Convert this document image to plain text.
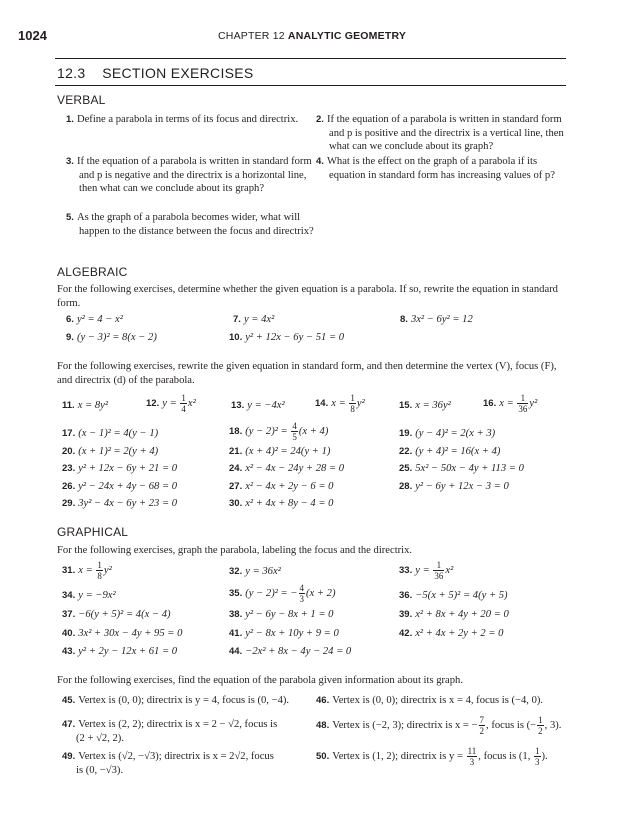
1024	CHAPTER 12 ANALYTIC GEOMETRY
12.3 SECTION EXERCISES
VERBAL
1. Define a parabola in terms of its focus and directrix.	2. If the equation of a parabola is written in standard form and p is positive and the directrix is a vertical line, then what can we conclude about its graph?
3. If the equation of a parabola is written in standard form and p is negative and the directrix is a horizontal line, then what can we conclude about its graph?
4. What is the effect on the graph of a parabola if its equation in standard form has increasing values of p?
5. As the graph of a parabola becomes wider, what will happen to the distance between the focus and directrix?
ALGEBRAIC
For the following exercises, determine whether the given equation is a parabola. If so, rewrite the equation in standard form.
6. y² = 4 − x²	7. y = 4x²	8. 3x² − 6y² = 12
9. (y − 3)² = 8(x − 2)	10. y² + 12x − 6y − 51 = 0
For the following exercises, rewrite the given equation in standard form, and then determine the vertex (V), focus (F), and directrix (d) of the parabola.
11. x = 8y²	12. $y = \frac{1}{4} x^2$	13. y = −4x²	14. $x = \frac{1}{8} y^2$	15. x = 36y²	16. $x = \frac{1}{36} y^2$
17. (x − 1)² = 4(y − 1)	18. $(y - 2)^2 = \frac{4}{5} (x + 4)$	19. (y − 4)² = 2(x + 3)
20. (x + 1)² = 2(y + 4)	21. (x + 4)² = 24(y + 1)	22. (y + 4)² = 16(x + 4)
23. y² + 12x − 6y + 21 = 0	24. x² − 4x − 24y + 28 = 0	25. 5x² − 50x − 4y + 113 = 0
26. y² − 24x + 4y − 68 = 0	27. x² − 4x + 2y − 6 = 0	28. y² − 6y + 12x − 3 = 0
29. 3y² − 4x − 6y + 23 = 0	30. x² + 4x + 8y − 4 = 0
GRAPHICAL
For the following exercises, graph the parabola, labeling the focus and the directrix.
31. $x = \frac{1}{8} y^2$	32. y = 36x²	33. $y = \frac{1}{36} x^2$
34. y = −9x²	35. (y − 2)² = − $\frac{4}{3} (x + 2)$	36. −5(x + 5)² = 4(y + 5)
37. −6(y + 5)² = 4(x − 4)	38. y² − 6y − 8x + 1 = 0	39. x² + 8x + 4y + 20 = 0
40. 3x² + 30x − 4y + 95 = 0	41. y² − 8x + 10y + 9 = 0	42. x² + 4x + 2y + 2 = 0
43. y² + 2y − 12x + 61 = 0	44. −2x² + 8x − 4y − 24 = 0
For the following exercises, find the equation of the parabola given information about its graph.
45. Vertex is (0, 0); directrix is y = 4, focus is (0, −4).	46. Vertex is (0, 0); directrix is x = 4, focus is (−4, 0).
47. Vertex is (2, 2); directrix is x = 2 − √2, focus is
(2 + √2, 2).
48. Vertex is (−2, 3); directrix is x = − $\frac{7}{2}$ , focus is (− $\frac{1}{2}$ , 3).
49. Vertex is (√2, −√3); directrix is x = 2√2, focus
is (0, −√3).
50. Vertex is (1, 2); directrix is $y = \frac{11}{3}$ , focus is (1, $\frac{1}{3}$ ).
